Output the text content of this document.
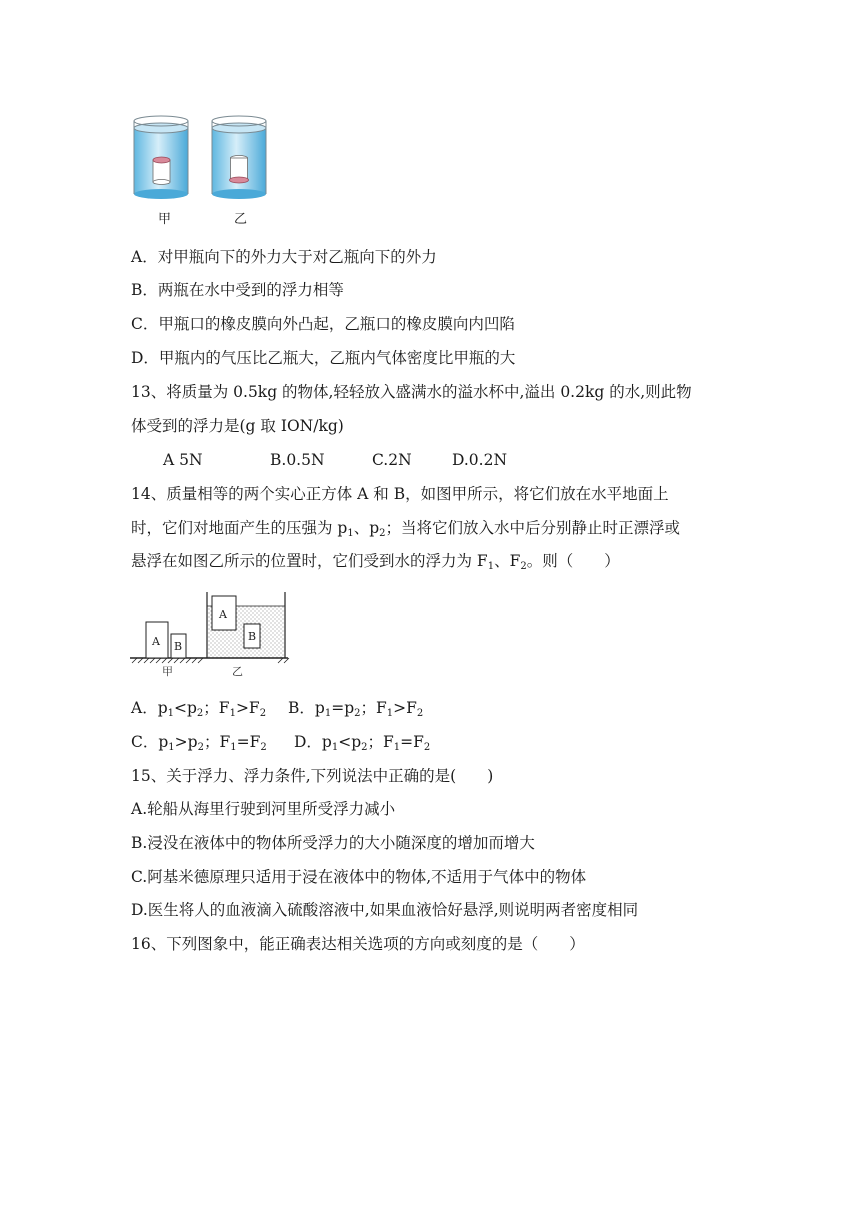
甲	乙
A．对甲瓶向下的外力大于对乙瓶向下的外力
B．两瓶在水中受到的浮力相等
C．甲瓶口的橡皮膜向外凸起，乙瓶口的橡皮膜向内凹陷
D．甲瓶内的气压比乙瓶大，乙瓶内气体密度比甲瓶的大
13、将质量为 0.5kg 的物体,轻轻放入盛满水的溢水杯中,溢出 0.2kg 的水,则此物
体受到的浮力是(g 取 ION/kg)
A 5N	B.0.5N	C.2N	D.0.2N
14、质量相等的两个实心正方体 A 和 B，如图甲所示，将它们放在水平地面上
时，它们对地面产生的压强为 $p_1$、$p_2$；当将它们放入水中后分别静止时正漂浮或
悬浮在如图乙所示的位置时，它们受到水的浮力为 $F_1$、$F_2$。则（　　）
A B
A
B
甲	乙
A．$p_1<p_2$；$F_1>F_2$ B．$p_1=p_2$；$F_1>F_2$
C．$p_1>p_2$；$F_1=F_2$ D．$p_1<p_2$；$F_1=F_2$
15、关于浮力、浮力条件,下列说法中正确的是(　　)
A.轮船从海里行驶到河里所受浮力减小
B.浸没在液体中的物体所受浮力的大小随深度的增加而增大
C.阿基米德原理只适用于浸在液体中的物体,不适用于气体中的物体
D.医生将人的血液滴入硫酸溶液中,如果血液恰好悬浮,则说明两者密度相同
16、下列图象中，能正确表达相关选项的方向或刻度的是（　　）
